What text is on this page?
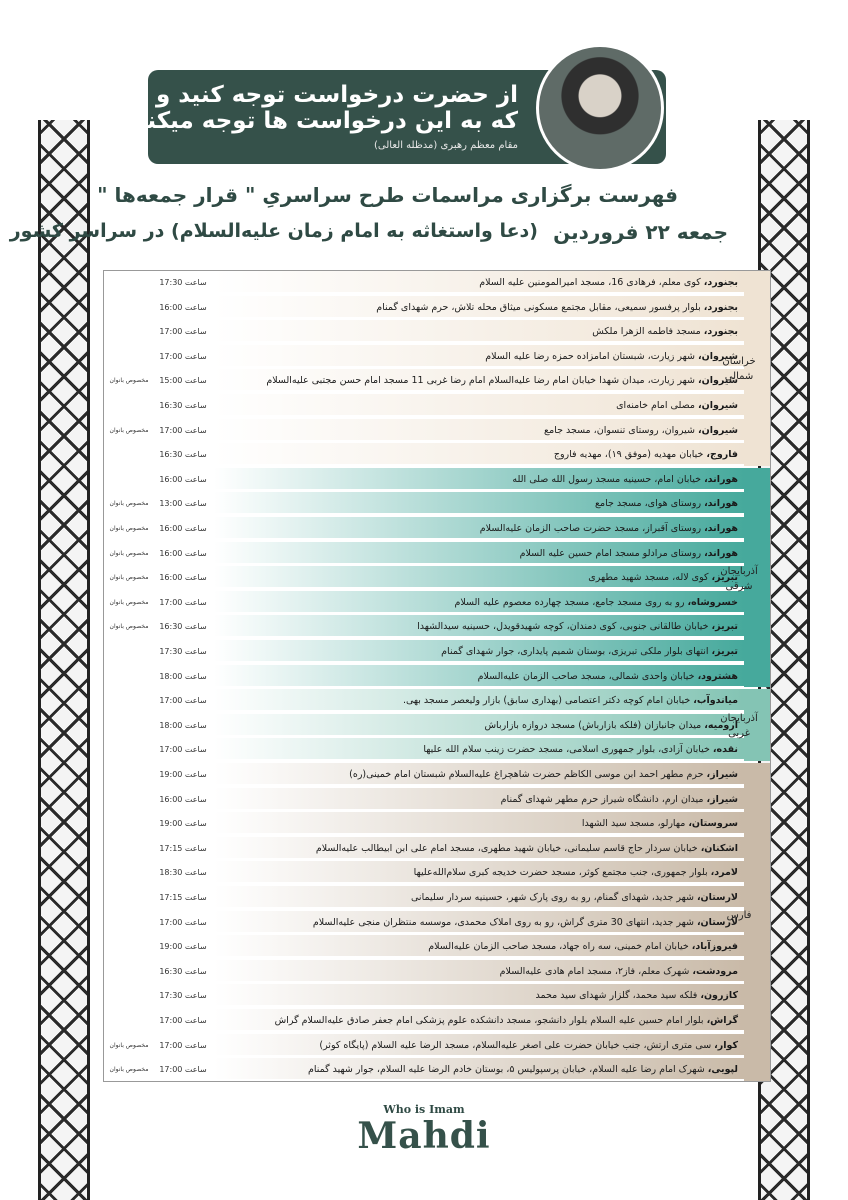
از حضرت درخواست توجه کنید و بدانید
که به این درخواست ها توجه میکند!
مقام معظم رهبری (مدظله العالی)
فهرست برگزاری مراسمات طرح سراسریِ " قرار جمعه‌ها "
(دعا واستغاثه به امام زمان علیه‌السلام) در سراسر کشور جمعه ۲۲ فروردین
ساعت 17:30	بجنورد، کوی معلم، فرهادی 16، مسجد امیرالمومنین علیه السلام
ساعت 16:00	بجنورد، بلوار پرفسور سمیعی، مقابل مجتمع مسکونی میثاق محله تلاش، حرم شهدای گمنام
ساعت 17:00	بجنورد، مسجد فاطمه الزهرا ملکش
ساعت 17:00	شیروان، شهر زیارت، شبستان امامزاده حمزه رضا علیه السلام
مخصوص بانوان	ساعت 15:00	شیروان، شهر زیارت، میدان شهدا خیابان امام رضا علیه‌السلام امام رضا غربی 11 مسجد امام حسن مجتبی علیه‌السلام
ساعت 16:30	شیروان، مصلی امام خامنه‌ای
مخصوص بانوان	ساعت 17:00	شیروان، شیروان، روستای تنسوان، مسجد جامع
ساعت 16:30	فاروج، خیابان مهدیه (موفق ۱۹)، مهدیه فاروج
خراسان شمالی
ساعت 16:00	هوراند، خیابان امام، حسینیه مسجد رسول الله صلی الله
مخصوص بانوان	ساعت 13:00	هوراند، روستای هوای، مسجد جامع
مخصوص بانوان	ساعت 16:00	هوراند، روستای آقبراز، مسجد حضرت صاحب الزمان علیه‌السلام
مخصوص بانوان	ساعت 16:00	هوراند، روستای مرادلو مسجد امام حسین علیه السلام
مخصوص بانوان	ساعت 16:00	تبریز، کوی لاله، مسجد شهید مطهری
مخصوص بانوان	ساعت 17:00	خسروشاه، رو به روی مسجد جامع، مسجد چهارده معصوم علیه السلام
مخصوص بانوان	ساعت 16:30	تبریز، خیابان طالقانی جنوبی، کوی دمندان، کوچه شهیدقویدل، حسینیه سیدالشهدا
ساعت 17:30	تبریز، انتهای بلوار ملکی تبریزی، بوستان شمیم پایداری، جوار شهدای گمنام
ساعت 18:00	هشترود، خیابان واحدی شمالی، مسجد صاحب الزمان علیه‌السلام
آذربایجان شرقی
ساعت 17:00	میاندوآب، خیابان امام کوچه دکتر اعتصامی (بهداری سابق) بازار ولیعصر مسجد بهی.
ساعت 18:00	ارومیه، میدان جانبازان (فلکه بازارباش) مسجد دروازه بازارباش
ساعت 17:00	نقده، خیابان آزادی، بلوار جمهوری اسلامی، مسجد حضرت زینب سلام الله علیها
آذربایجان غربی
ساعت 19:00	شیراز، حرم مطهر احمد ابن موسی الکاظم حضرت شاهچراغ علیه‌السلام شبستان امام خمینی(ره)
ساعت 16:00	شیراز، میدان ارم، دانشگاه شیراز حرم مطهر شهدای گمنام
ساعت 19:00	سروستان، مهارلو، مسجد سید الشهدا
ساعت 17:15	اشکنان، خیابان سردار حاج قاسم سلیمانی، خیابان شهید مطهری، مسجد امام علی ابن ابیطالب علیه‌السلام
ساعت 18:30	لامرد، بلوار جمهوری، جنب مجتمع کوثر، مسجد حضرت خدیجه کبری سلام‌الله‌علیها
ساعت 17:15	لارستان، شهر جدید، شهدای گمنام، رو به روی پارک شهر، حسینیه سردار سلیمانی
ساعت 17:00	لارستان، شهر جدید، انتهای 30 متری گراش، رو به روی املاک محمدی، موسسه منتظران منجی علیه‌السلام
ساعت 19:00	فیروزآباد، خیابان امام خمینی، سه راه جهاد، مسجد صاحب الزمان علیه‌السلام
ساعت 16:30	مرودشت، شهرک معلم، فاز۲، مسجد امام هادی علیه‌السلام
ساعت 17:30	کازرون، فلکه سید محمد، گلزار شهدای سید محمد
ساعت 17:00	گراش، بلوار امام حسین علیه السلام بلوار دانشجو، مسجد دانشکده علوم پزشکی امام جعفر صادق علیه‌السلام گراش
مخصوص بانوان	ساعت 17:00	کوار، سی متری ارتش، جنب خیابان حضرت علی اصغر علیه‌السلام، مسجد الرضا علیه السلام (پایگاه کوثر)
مخصوص بانوان	ساعت 17:00	لپویی، شهرک امام رضا علیه السلام، خیابان پرسپولیس ۵، بوستان خادم الرضا علیه السلام، جوار شهید گمنام
فارس
Who is Imam
Mahdi
